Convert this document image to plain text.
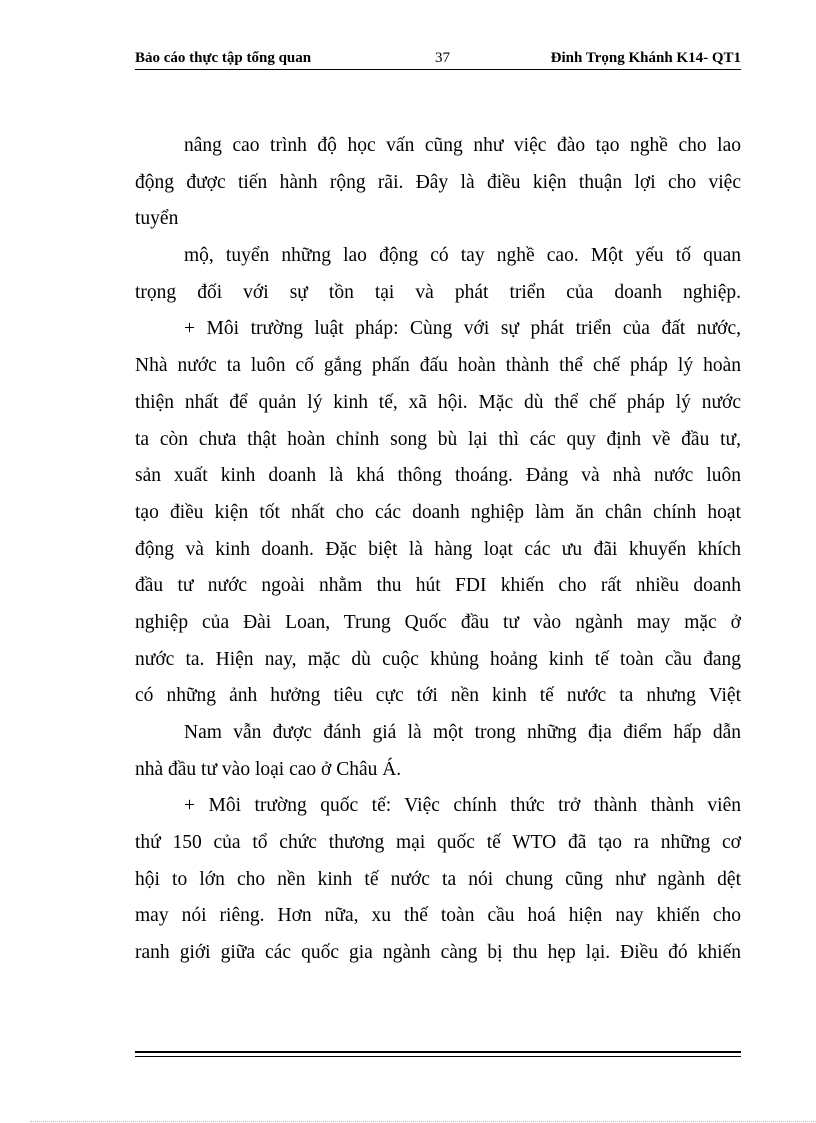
Bảo cáo thực tập tổng quan	37	Đinh Trọng Khánh K14- QT1
nâng cao trình độ học vấn cũng như việc đào tạo nghề cho lao
động được tiến hành rộng rãi. Đây là điều kiện thuận lợi cho việc
tuyển
mộ, tuyển những lao động có tay nghề cao. Một yếu tố quan
trọng đối với sự tồn tại và phát triển của doanh nghiệp.
+ Môi trường luật pháp: Cùng với sự phát triển của đất nước,
Nhà nước ta luôn cố gắng phấn đấu hoàn thành thể chế pháp lý hoàn
thiện nhất để quản lý kinh tế, xã hội. Mặc dù thể chế pháp lý nước
ta còn chưa thật hoàn chỉnh song bù lại thì các quy định về đầu tư,
sản xuất kinh doanh là khá thông thoáng. Đảng và nhà nước luôn
tạo điều kiện tốt nhất cho các doanh nghiệp làm ăn chân chính hoạt
động và kinh doanh. Đặc biệt là hàng loạt các ưu đãi khuyến khích
đầu tư nước ngoài nhằm thu hút FDI khiến cho rất nhiều doanh
nghiệp của Đài Loan, Trung Quốc đầu tư vào ngành may mặc ở
nước ta. Hiện nay, mặc dù cuộc khủng hoảng kinh tế toàn cầu đang
có những ảnh hưởng tiêu cực tới nền kinh tế nước ta nhưng Việt
Nam vẫn được đánh giá là một trong những địa điểm hấp dẫn
nhà đầu tư vào loại cao ở Châu Á.
+ Môi trường quốc tế: Việc chính thức trở thành thành viên
thứ 150 của tổ chức thương mại quốc tế WTO đã tạo ra những cơ
hội to lớn cho nền kinh tế nước ta nói chung cũng như ngành dệt
may nói riêng. Hơn nữa, xu thế toàn cầu hoá hiện nay khiến cho
ranh giới giữa các quốc gia ngành càng bị thu hẹp lại. Điều đó khiến
